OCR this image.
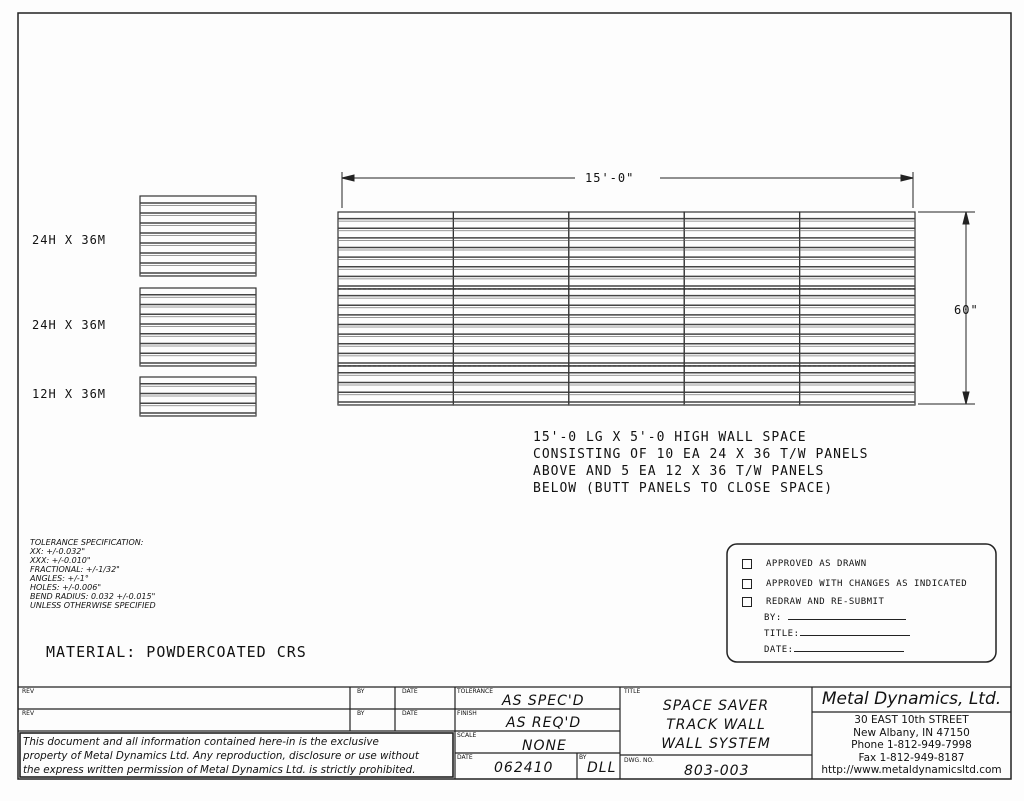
24H X 36M
24H X 36M
12H X 36M
15'-0"
60"
15'-0 LG X 5'-0 HIGH WALL SPACE
CONSISTING OF 10 EA 24 X 36 T/W PANELS
ABOVE AND 5 EA 12 X 36 T/W PANELS
BELOW (BUTT PANELS TO CLOSE SPACE)
TOLERANCE SPECIFICATION:
XX: +/-0.032"
XXX: +/-0.010"
FRACTIONAL: +/-1/32"
ANGLES: +/-1°
HOLES: +/-0.006"
BEND RADIUS: 0.032 +/-0.015"
UNLESS OTHERWISE SPECIFIED
MATERIAL: POWDERCOATED CRS
APPROVED AS DRAWN
APPROVED WITH CHANGES AS INDICATED
REDRAW AND RE-SUBMIT
BY:
TITLE:
DATE:
REV	BY	DATE
REV	BY	DATE
This document and all information contained here-in is the exclusive
property of Metal Dynamics Ltd. Any reproduction, disclosure or use without
the express written permission of Metal Dynamics Ltd. is strictly prohibited.
TOLERANCE
AS SPEC'D
FINISH
AS REQ'D
SCALE
NONE
DATE
062410
BY
DLL
TITLE
SPACE SAVER
TRACK WALL
WALL SYSTEM
DWG. NO.
803-003
Metal Dynamics, Ltd.
30 EAST 10th STREET
New Albany, IN 47150
Phone 1-812-949-7998
Fax 1-812-949-8187
http://www.metaldynamicsltd.com
